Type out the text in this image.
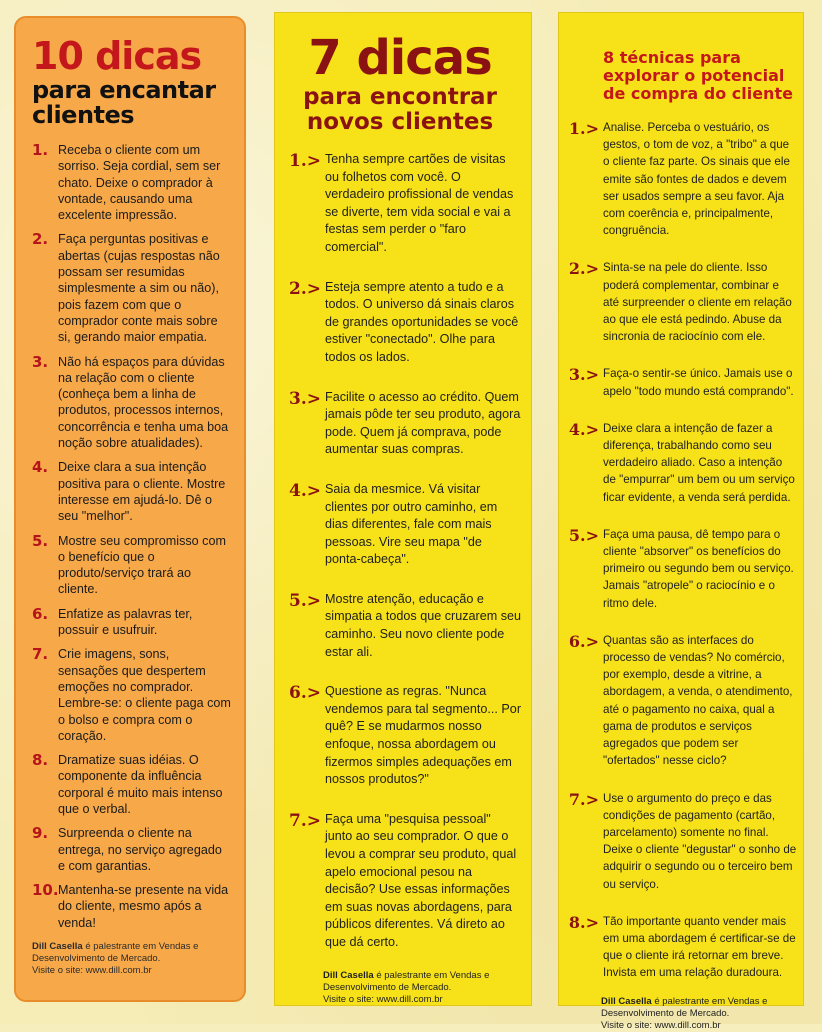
10 dicas
para encantar clientes
1. Receba o cliente com um sorriso. Seja cordial, sem ser chato. Deixe o comprador à vontade, causando uma excelente impressão.
2. Faça perguntas positivas e abertas (cujas respostas não possam ser resumidas simplesmente a sim ou não), pois fazem com que o comprador conte mais sobre si, gerando maior empatia.
3. Não há espaços para dúvidas na relação com o cliente (conheça bem a linha de produtos, processos internos, concorrência e tenha uma boa noção sobre atualidades).
4. Deixe clara a sua intenção positiva para o cliente. Mostre interesse em ajudá-lo. Dê o seu "melhor".
5. Mostre seu compromisso com o benefício que o produto/serviço trará ao cliente.
6. Enfatize as palavras ter, possuir e usufruir.
7. Crie imagens, sons, sensações que despertem emoções no comprador. Lembre-se: o cliente paga com o bolso e compra com o coração.
8. Dramatize suas idéias. O componente da influência corporal é muito mais intenso que o verbal.
9. Surpreenda o cliente na entrega, no serviço agregado e com garantias.
10. Mantenha-se presente na vida do cliente, mesmo após a venda!
Dill Casella é palestrante em Vendas e Desenvolvimento de Mercado.
Visite o site: www.dill.com.br
7 dicas
para encontrar novos clientes
1.> Tenha sempre cartões de visitas ou folhetos com você. O verdadeiro profissional de vendas se diverte, tem vida social e vai a festas sem perder o "faro comercial".
2.> Esteja sempre atento a tudo e a todos. O universo dá sinais claros de grandes oportunidades se você estiver "conectado". Olhe para todos os lados.
3.> Facilite o acesso ao crédito. Quem jamais pôde ter seu produto, agora pode. Quem já comprava, pode aumentar suas compras.
4.> Saia da mesmice. Vá visitar clientes por outro caminho, em dias diferentes, fale com mais pessoas. Vire seu mapa "de ponta-cabeça".
5.> Mostre atenção, educação e simpatia a todos que cruzarem seu caminho. Seu novo cliente pode estar ali.
6.> Questione as regras. "Nunca vendemos para tal segmento... Por quê? E se mudarmos nosso enfoque, nossa abordagem ou fizermos simples adequações em nossos produtos?"
7.> Faça uma "pesquisa pessoal" junto ao seu comprador. O que o levou a comprar seu produto, qual apelo emocional pesou na decisão? Use essas informações em suas novas abordagens, para públicos diferentes. Vá direto ao que dá certo.
Dill Casella é palestrante em Vendas e Desenvolvimento de Mercado.
Visite o site: www.dill.com.br
8 técnicas para explorar o potencial de compra do cliente
1.> Analise. Perceba o vestuário, os gestos, o tom de voz, a "tribo" a que o cliente faz parte. Os sinais que ele emite são fontes de dados e devem ser usados sempre a seu favor. Aja com coerência e, principalmente, congruência.
2.> Sinta-se na pele do cliente. Isso poderá complementar, combinar e até surpreender o cliente em relação ao que ele está pedindo. Abuse da sincronia de raciocínio com ele.
3.> Faça-o sentir-se único. Jamais use o apelo "todo mundo está comprando".
4.> Deixe clara a intenção de fazer a diferença, trabalhando como seu verdadeiro aliado. Caso a intenção de "empurrar" um bem ou um serviço ficar evidente, a venda será perdida.
5.> Faça uma pausa, dê tempo para o cliente "absorver" os benefícios do primeiro ou segundo bem ou serviço. Jamais "atropele" o raciocínio e o ritmo dele.
6.> Quantas são as interfaces do processo de vendas? No comércio, por exemplo, desde a vitrine, a abordagem, a venda, o atendimento, até o pagamento no caixa, qual a gama de produtos e serviços agregados que podem ser "ofertados" nesse ciclo?
7.> Use o argumento do preço e das condições de pagamento (cartão, parcelamento) somente no final. Deixe o cliente "degustar" o sonho de adquirir o segundo ou o terceiro bem ou serviço.
8.> Tão importante quanto vender mais em uma abordagem é certificar-se de que o cliente irá retornar em breve. Invista em uma relação duradoura.
Dill Casella é palestrante em Vendas e Desenvolvimento de Mercado.
Visite o site: www.dill.com.br
